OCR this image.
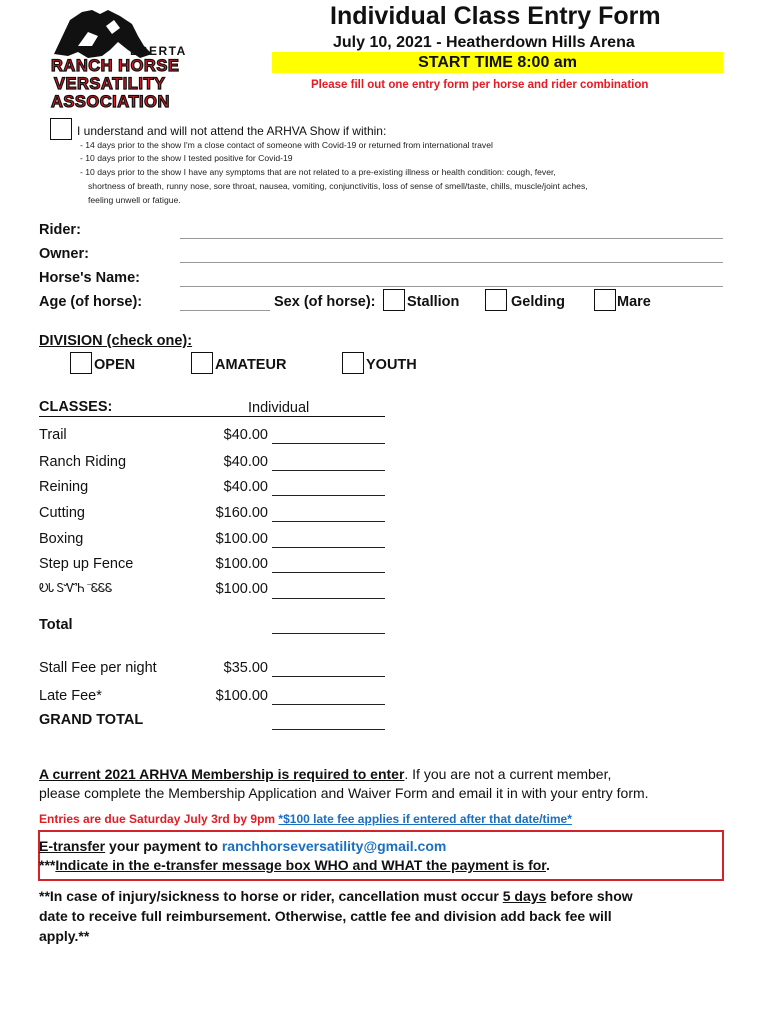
LBERTA
RANCH HORSE
VERSATILITY
ASSOCIATION
Individual Class Entry Form
July 10, 2021 - Heatherdown Hills Arena
START TIME 8:00 am
Please fill out one entry form per horse and rider combination
I understand and will not attend the ARHVA Show if within:
- 14 days prior to the show I'm a close contact of someone with Covid-19 or returned from international travel
- 10 days prior to the show I tested positive for Covid-19
- 10 days prior to the show I have any symptoms that are not related to a pre-existing illness or health condition: cough, fever,
shortness of breath, runny nose, sore throat, nausea, vomiting, conjunctivitis, loss of sense of smell/taste, chills, muscle/joint aches,
feeling unwell or fatigue.
Rider:
Owner:
Horse's Name:
Age (of horse):	Sex (of horse): Stallion	Gelding	Mare
DIVISION (check one):
OPEN	AMATEUR	YOUTH
CLASSES:	Individual
Trail	$40.00
Ranch Riding	$40.00
Reining	$40.00
Cutting	$160.00
Boxing	$100.00
Step up Fence	$100.00
ᎧᏓ ᏚᏉᏂ ⁻ᏋᏋᏋ	$100.00
Total
Stall Fee per night	$35.00
Late Fee*	$100.00
GRAND TOTAL
A current 2021 ARHVA Membership is required to enter. If you are not a current member,
please complete the Membership Application and Waiver Form and email it in with your entry form.
Entries are due Saturday July 3rd by 9pm *$100 late fee applies if entered after that date/time*
E-transfer your payment to ranchhorseversatility@gmail.com
***Indicate in the e-transfer message box WHO and WHAT the payment is for.
**In case of injury/sickness to horse or rider, cancellation must occur 5 days before show
date to receive full reimbursement. Otherwise, cattle fee and division add back fee will
apply.**
